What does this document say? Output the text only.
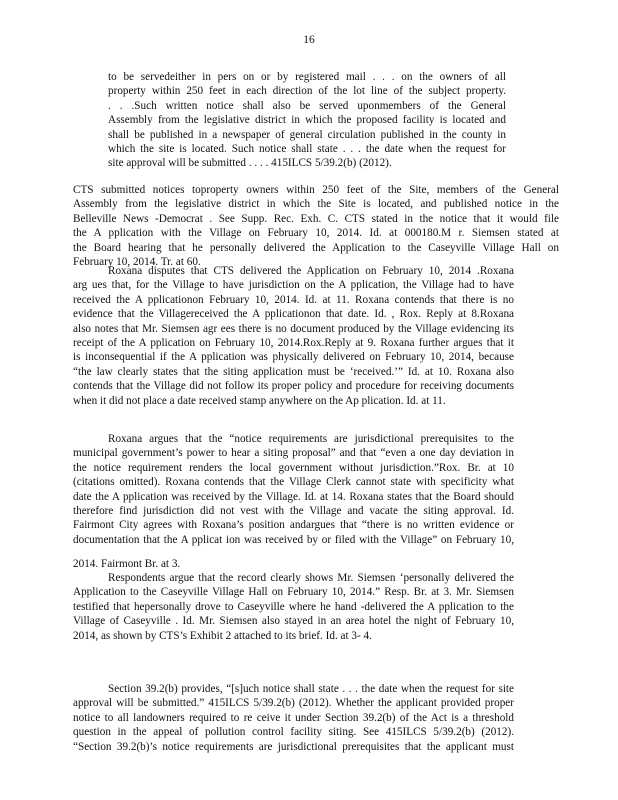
16
to be servedeither in pers on or by registered mail . . . on the owners of all
property within 250 feet in each direction of the lot line of the subject property.
. . .Such written notice shall also be served uponmembers of the General
Assembly from the legislative district in which the proposed facility is located and
shall be published in a newspaper of general circulation published in the county in
which the site is located. Such notice shall state . . . the date when the request for
site approval will be submitted . . . . 415ILCS 5/39.2(b) (2012).
CTS submitted notices toproperty owners within 250 feet of the Site, members of the General
Assembly from the legislative district in which the Site is located, and published notice in the
Belleville News -Democrat . See Supp. Rec. Exh. C. CTS stated in the notice that it would file
the A pplication with the Village on February 10, 2014. Id. at 000180.M r. Siemsen stated at
the Board hearing that he personally delivered the Application to the Caseyville Village Hall on
February 10, 2014. Tr. at 60.
Roxana disputes that CTS delivered the Application on February 10, 2014 .Roxana
arg ues that, for the Village to have jurisdiction on the A pplication, the Village had to have
received the A pplicationon February 10, 2014. Id. at 11. Roxana contends that there is no
evidence that the Villagereceived the A pplicationon that date. Id. , Rox. Reply at 8.Roxana
also notes that Mr. Siemsen agr ees there is no document produced by the Village evidencing its
receipt of the A pplication on February 10, 2014.Rox.Reply at 9. Roxana further argues that it
is inconsequential if the A pplication was physically delivered on February 10, 2014, because
“the law clearly states that the siting application must be ‘received.’” Id. at 10. Roxana also
contends that the Village did not follow its proper policy and procedure for receiving documents
when it did not place a date received stamp anywhere on the Ap plication. Id. at 11.
Roxana argues that the “notice requirements are jurisdictional prerequisites to the
municipal government’s power to hear a siting proposal” and that “even a one day deviation in
the notice requirement renders the local government without jurisdiction.”Rox. Br. at 10
(citations omitted). Roxana contends that the Village Clerk cannot state with specificity what
date the A pplication was received by the Village. Id. at 14. Roxana states that the Board should
therefore find jurisdiction did not vest with the Village and vacate the siting approval. Id.
Fairmont City agrees with Roxana’s position andargues that “there is no written evidence or
documentation that the A pplicat ion was received by or filed with the Village” on February 10,
2014. Fairmont Br. at 3.
Respondents argue that the record clearly shows Mr. Siemsen ‘personally delivered the
Application to the Caseyville Village Hall on February 10, 2014.” Resp. Br. at 3. Mr. Siemsen
testified that hepersonally drove to Caseyville where he hand -delivered the A pplication to the
Village of Caseyville . Id. Mr. Siemsen also stayed in an area hotel the night of February 10,
2014, as shown by CTS’s Exhibit 2 attached to its brief. Id. at 3- 4.
Section 39.2(b) provides, “[s]uch notice shall state . . . the date when the request for site
approval will be submitted.” 415ILCS 5/39.2(b) (2012). Whether the applicant provided proper
notice to all landowners required to re ceive it under Section 39.2(b) of the Act is a threshold
question in the appeal of pollution control facility siting. See 415ILCS 5/39.2(b) (2012).
“Section 39.2(b)’s notice requirements are jurisdictional prerequisites that the applicant must
